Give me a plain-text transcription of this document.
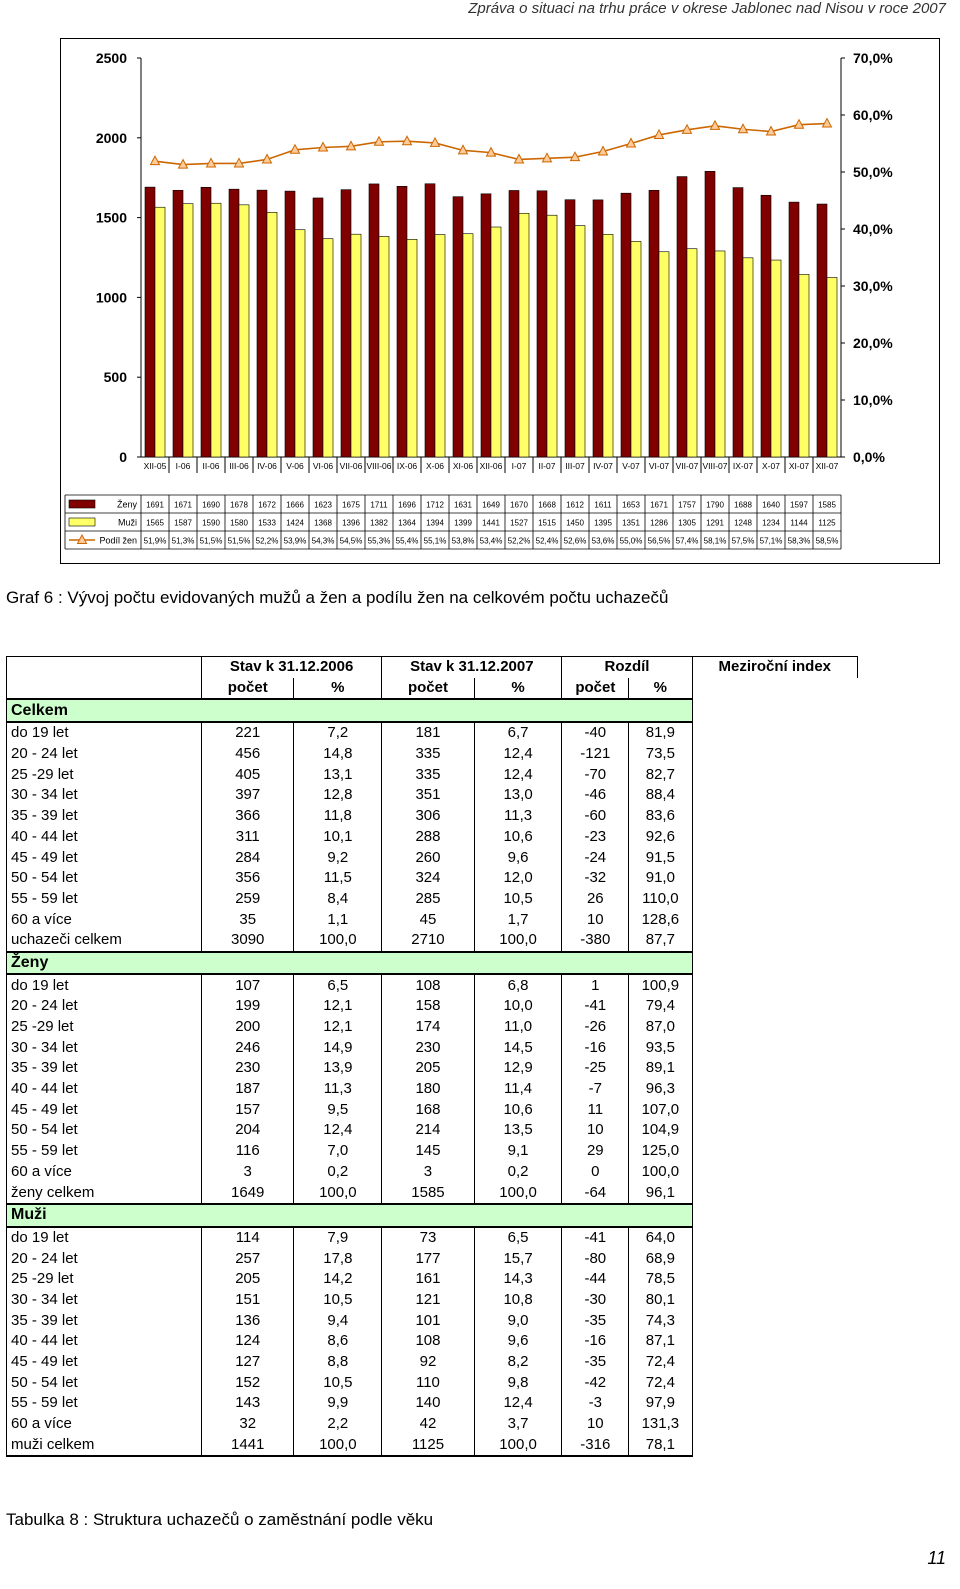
Zpráva o situaci na trhu práce v okrese Jablonec nad Nisou v roce 2007
0
500
1000
1500
2000
2500
0,0%
10,0%
20,0%
30,0%
40,0%
50,0%
60,0%
70,0%
XII-05 I-06 II-06 III-06 IV-06 V-06 VI-06 VII-06 VIII-06 IX-06 X-06 XI-06 XII-06 I-07 II-07 III-07 IV-07 V-07 VI-07 VII-07 VIII-07 IX-07 X-07 XI-07 XII-07
Ženy 1691 1671 1690 1678 1672 1666 1623 1675 1711 1696 1712 1631 1649 1670 1668 1612 1611 1653 1671 1757 1790 1688 1640 1597 1585
Muži 1565 1587 1590 1580 1533 1424 1368 1396 1382 1364 1394 1399 1441 1527 1515 1450 1395 1351 1286 1305 1291 1248 1234 1144 1125
Podíl žen 51,9% 51,3% 51,5% 51,5% 52,2% 53,9% 54,3% 54,5% 55,3% 55,4% 55,1% 53,8% 53,4% 52,2% 52,4% 52,6% 53,6% 55,0% 56,5% 57,4% 58,1% 57,5% 57,1% 58,3% 58,5%
Graf 6 : Vývoj počtu evidovaných mužů a žen a podílu žen na celkovém počtu uchazečů
	Stav k 31.12.2006		Stav k 31.12.2007		Rozdíl		Meziroční index
	počet	%	počet	%	počet	%	
Celkem							
do 19 let	221	7,2	181	6,7	-40	81,9	
20 - 24 let	456	14,8	335	12,4	-121	73,5	
25 -29 let	405	13,1	335	12,4	-70	82,7	
30 - 34 let	397	12,8	351	13,0	-46	88,4	
35 - 39 let	366	11,8	306	11,3	-60	83,6	
40 - 44 let	311	10,1	288	10,6	-23	92,6	
45 - 49 let	284	9,2	260	9,6	-24	91,5	
50 - 54 let	356	11,5	324	12,0	-32	91,0	
55 - 59 let	259	8,4	285	10,5	26	110,0	
60 a více	35	1,1	45	1,7	10	128,6	
uchazeči celkem	3090	100,0	2710	100,0	-380	87,7	
Ženy							
do 19 let	107	6,5	108	6,8	1	100,9	
20 - 24 let	199	12,1	158	10,0	-41	79,4	
25 -29 let	200	12,1	174	11,0	-26	87,0	
30 - 34 let	246	14,9	230	14,5	-16	93,5	
35 - 39 let	230	13,9	205	12,9	-25	89,1	
40 - 44 let	187	11,3	180	11,4	-7	96,3	
45 - 49 let	157	9,5	168	10,6	11	107,0	
50 - 54 let	204	12,4	214	13,5	10	104,9	
55 - 59 let	116	7,0	145	9,1	29	125,0	
60 a více	3	0,2	3	0,2	0	100,0	
ženy celkem	1649	100,0	1585	100,0	-64	96,1	
Muži							
do 19 let	114	7,9	73	6,5	-41	64,0	
20 - 24 let	257	17,8	177	15,7	-80	68,9	
25 -29 let	205	14,2	161	14,3	-44	78,5	
30 - 34 let	151	10,5	121	10,8	-30	80,1	
35 - 39 let	136	9,4	101	9,0	-35	74,3	
40 - 44 let	124	8,6	108	9,6	-16	87,1	
45 - 49 let	127	8,8	92	8,2	-35	72,4	
50 - 54 let	152	10,5	110	9,8	-42	72,4	
55 - 59 let	143	9,9	140	12,4	-3	97,9	
60 a více	32	2,2	42	3,7	10	131,3	
muži celkem	1441	100,0	1125	100,0	-316	78,1	
Tabulka 8 : Struktura uchazečů o zaměstnání podle věku
11
